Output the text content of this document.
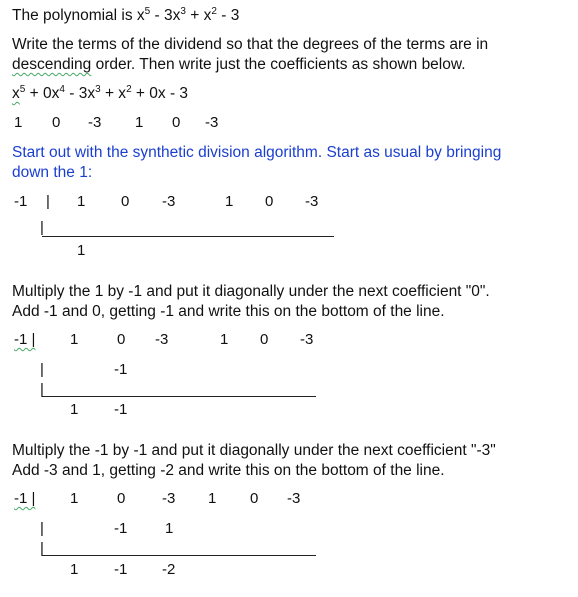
The polynomial is $x^5 - 3x^3 + x^2 - 3$
Write the terms of the dividend so that the degrees of the terms are in
descending order. Then write just the coefficients as shown below.
$x^5 + 0x^4 - 3x^3 + x^2 + 0x - 3$
1 0 -3 1 0 -3
Start out with the synthetic division algorithm. Start as usual by bringing
down the 1:
-1 | 1 0 -3	1 0 -3
|
1
Multiply the 1 by -1 and put it diagonally under the next coefficient "0".
Add -1 and 0, getting -1 and write this on the bottom of the line.
-1 | 1	0 -3	1 0 -3
|	-1
|
1 -1
Multiply the -1 by -1 and put it diagonally under the next coefficient "-3"
Add -3 and 1, getting -2 and write this on the bottom of the line.
-1 | 1	0 -3 1 0 -3
|	-1	1
|
1 -1 -2
